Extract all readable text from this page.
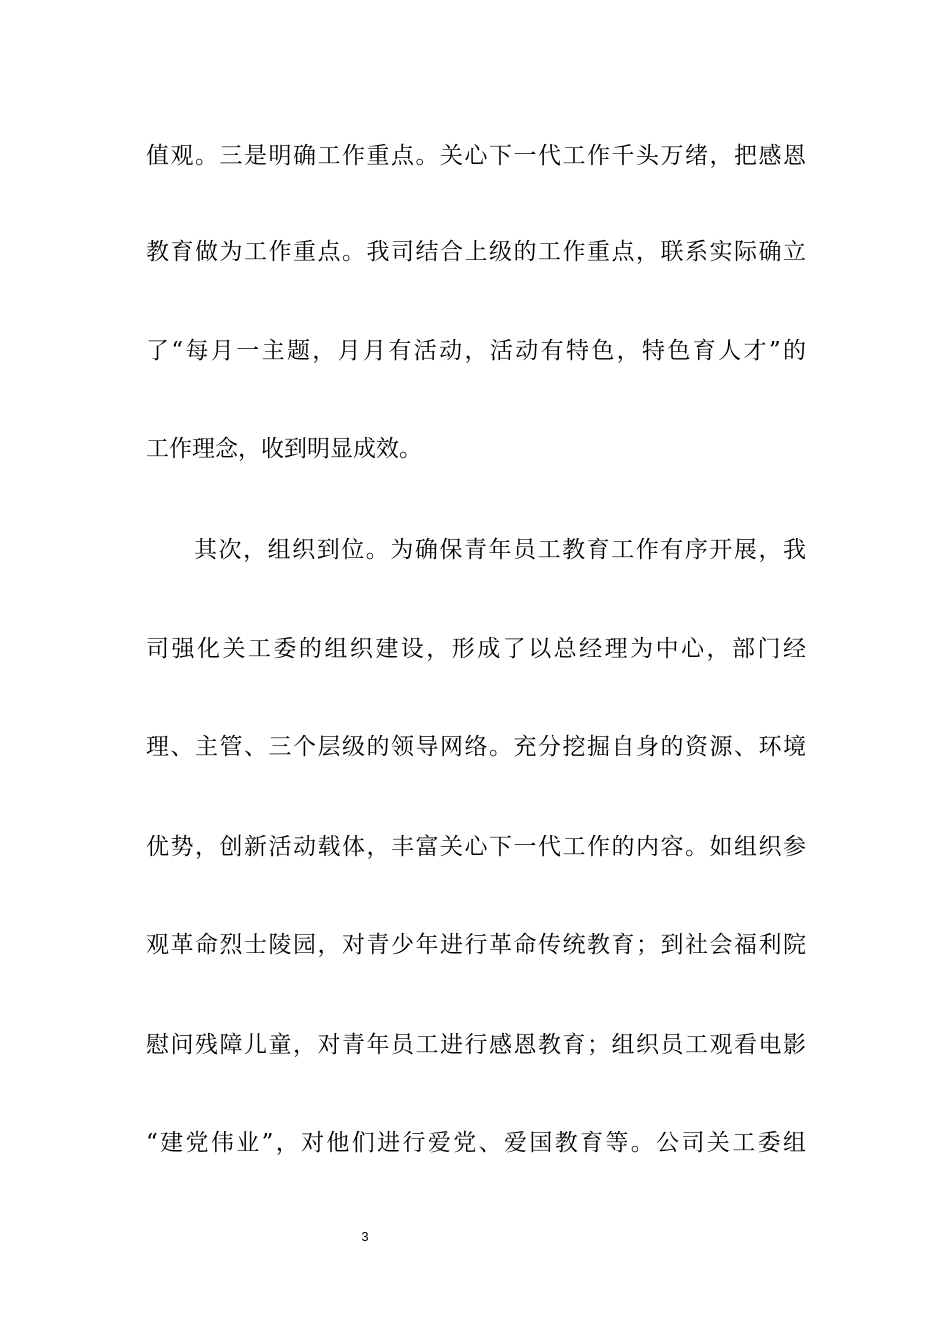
值观。三是明确工作重点。关心下一代工作千头万绪，把感恩
教育做为工作重点。我司结合上级的工作重点，联系实际确立
了“每月一主题，月月有活动，活动有特色，特色育人才”的
工作理念，收到明显成效。
其次，组织到位。为确保青年员工教育工作有序开展，我
司强化关工委的组织建设，形成了以总经理为中心，部门经
理、主管、三个层级的领导网络。充分挖掘自身的资源、环境
优势，创新活动载体，丰富关心下一代工作的内容。如组织参
观革命烈士陵园，对青少年进行革命传统教育；到社会福利院
慰问残障儿童，对青年员工进行感恩教育；组织员工观看电影
“建党伟业”，对他们进行爱党、爱国教育等。公司关工委组
3
